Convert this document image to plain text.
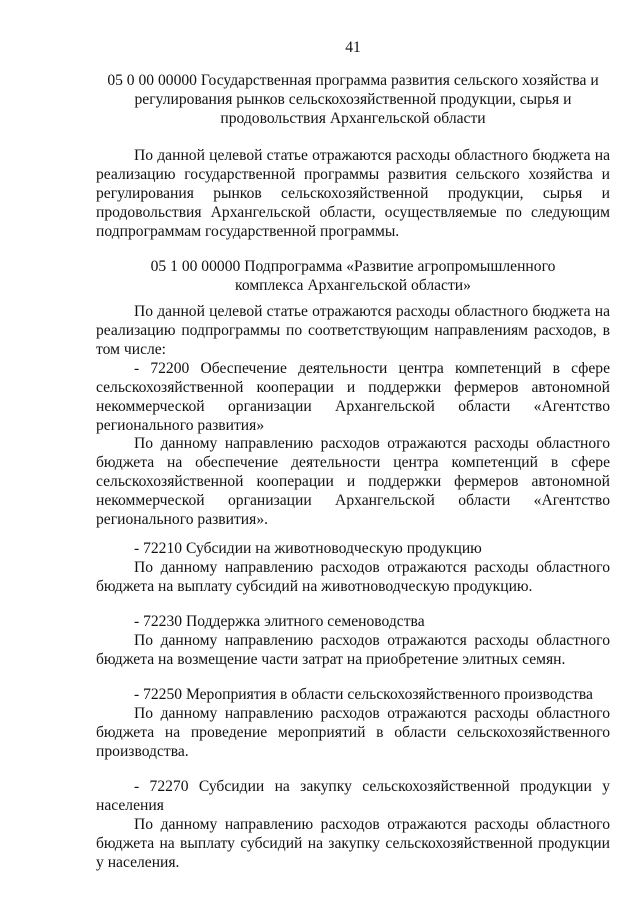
41
05 0 00 00000 Государственная программа развития сельского хозяйства и
регулирования рынков сельскохозяйственной продукции, сырья и
продовольствия Архангельской области
По данной целевой статье отражаются расходы областного бюджета на реализацию государственной программы развития сельского хозяйства и регулирования рынков сельскохозяйственной продукции, сырья и продовольствия Архангельской области, осуществляемые по следующим подпрограммам государственной программы.
05 1 00 00000 Подпрограмма «Развитие агропромышленного
комплекса Архангельской области»
По данной целевой статье отражаются расходы областного бюджета на реализацию подпрограммы по соответствующим направлениям расходов, в том числе:
- 72200 Обеспечение деятельности центра компетенций в сфере сельскохозяйственной кооперации и поддержки фермеров автономной некоммерческой организации Архангельской области «Агентство регионального развития»
По данному направлению расходов отражаются расходы областного бюджета на обеспечение деятельности центра компетенций в сфере сельскохозяйственной кооперации и поддержки фермеров автономной некоммерческой организации Архангельской области «Агентство регионального развития».
- 72210 Субсидии на животноводческую продукцию
По данному направлению расходов отражаются расходы областного бюджета на выплату субсидий на животноводческую продукцию.
- 72230 Поддержка элитного семеноводства
По данному направлению расходов отражаются расходы областного бюджета на возмещение части затрат на приобретение элитных семян.
- 72250 Мероприятия в области сельскохозяйственного производства
По данному направлению расходов отражаются расходы областного бюджета на проведение мероприятий в области сельскохозяйственного производства.
- 72270 Субсидии на закупку сельскохозяйственной продукции у населения
По данному направлению расходов отражаются расходы областного бюджета на выплату субсидий на закупку сельскохозяйственной продукции у населения.
